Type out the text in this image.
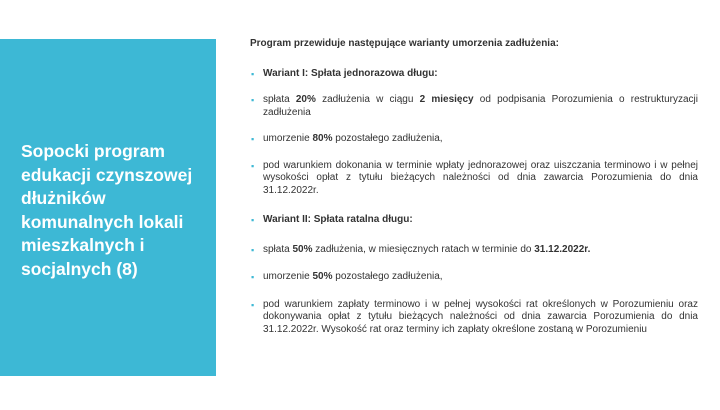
Sopocki program edukacji czynszowej dłużników komunalnych lokali mieszkalnych i socjalnych (8)

Program przewiduje następujące warianty umorzenia zadłużenia:

▪ Wariant I: Spłata jednorazowa długu:
▪ spłata 20% zadłużenia w ciągu 2 miesięcy od podpisania Porozumienia o restrukturyzacji zadłużenia
▪ umorzenie 80% pozostałego zadłużenia,
▪ pod warunkiem dokonania w terminie wpłaty jednorazowej oraz uiszczania terminowo i w pełnej wysokości opłat z tytułu bieżących należności od dnia zawarcia Porozumienia do dnia 31.12.2022r.
▪ Wariant II: Spłata ratalna długu:
▪ spłata 50% zadłużenia, w miesięcznych ratach w terminie do 31.12.2022r.
▪ umorzenie 50% pozostałego zadłużenia,
▪ pod warunkiem zapłaty terminowo i w pełnej wysokości rat określonych w Porozumieniu oraz dokonywania opłat z tytułu bieżących należności od dnia zawarcia Porozumienia do dnia 31.12.2022r. Wysokość rat oraz terminy ich zapłaty określone zostaną w Porozumieniu
